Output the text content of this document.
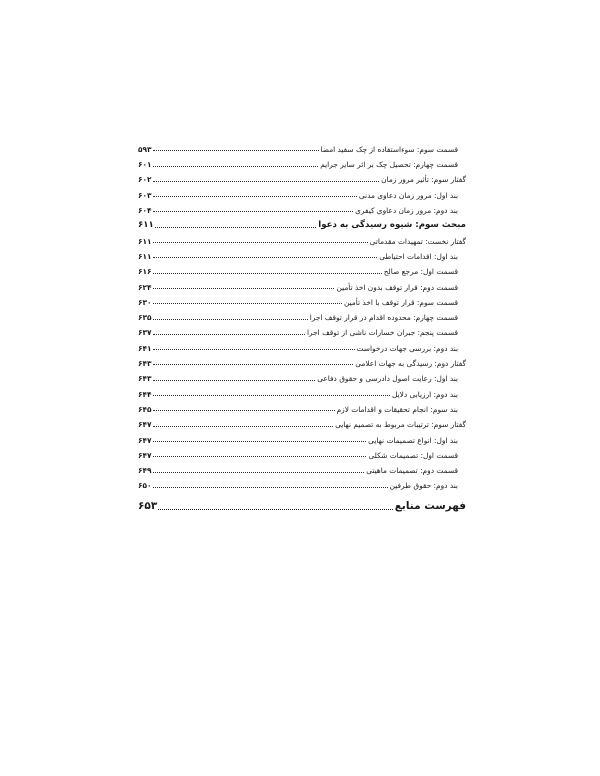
قسمت سوم: سوءاستفاده از چک سفید امضا
۵۹۳
قسمت چهارم: تحصیل چک بر اثر سایر جرایم
۶۰۱
گفتار سوم: تأثیر مرور زمان
۶۰۲
بند اول: مرور زمان دعاوی مدنی
۶۰۳
بند دوم: مرور زمان دعاوی کیفری
۶۰۴
مبحث سوم: شیوه رسیدگی به دعوا
۶۱۱
گفتار نخست: تمهیدات مقدماتی
۶۱۱
بند اول: اقدامات احتیاطی
۶۱۱
قسمت اول: مرجع صالح
۶۱۶
قسمت دوم: قرار توقف بدون اخذ تأمین
۶۲۴
قسمت سوم: قرار توقف با اخذ تأمین
۶۳۰
قسمت چهارم: محدوده اقدام در قرار توقف اجرا
۶۳۵
قسمت پنجم: جبران خسارات ناشی از توقف اجرا
۶۳۷
بند دوم: بررسی جهات درخواست
۶۴۱
گفتار دوم: رسیدگی به جهات اعلامی
۶۴۳
بند اول: رعایت اصول دادرسی و حقوق دفاعی
۶۴۳
بند دوم: ارزیابی دلایل
۶۴۴
بند سوم: انجام تحقیقات و اقدامات لازم
۶۴۵
گفتار سوم: ترتیبات مربوط به تصمیم نهایی
۶۴۷
بند اول: انواع تصمیمات نهایی
۶۴۷
قسمت اول: تصمیمات شکلی
۶۴۷
قسمت دوم: تصمیمات ماهیتی
۶۴۹
بند دوم: حقوق طرفین
۶۵۰
فهرست منابع
۶۵۳
